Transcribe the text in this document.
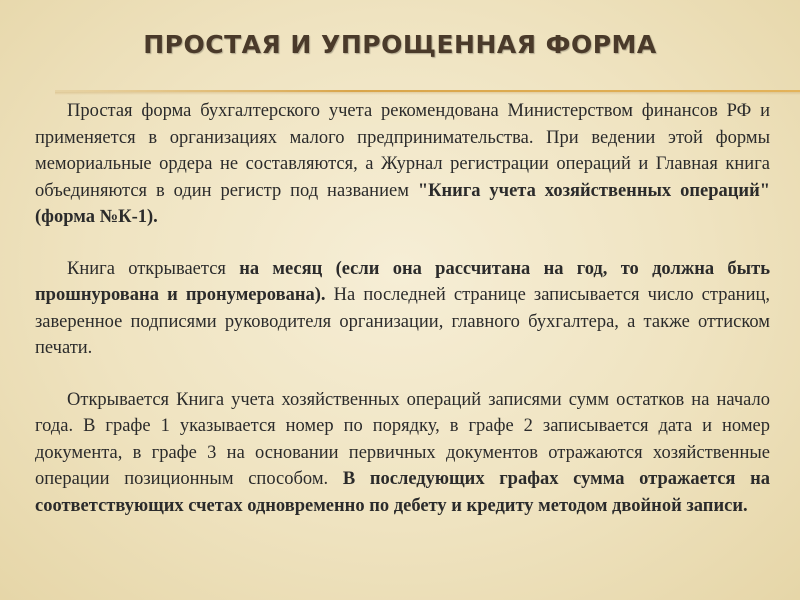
ПРОСТАЯ И УПРОЩЕННАЯ ФОРМА

Простая форма бухгалтерского учета рекомендована Министерством финансов РФ и применяется в организациях малого предпринимательства. При ведении этой формы мемориальные ордера не составляются, а Журнал регистрации операций и Главная книга объединяются в один регистр под названием "Книга учета хозяйственных операций" (форма №К-1).

Книга открывается на месяц (если она рассчитана на год, то должна быть прошнурована и пронумерована). На последней странице записывается число страниц, заверенное подписями руководителя организации, главного бухгалтера, а также оттиском печати.

Открывается Книга учета хозяйственных операций записями сумм остатков на начало года. В графе 1 указывается номер по порядку, в графе 2 записывается дата и номер документа, в графе 3 на основании первичных документов отражаются хозяйственные операции позиционным способом. В последующих графах сумма отражается на соответствующих счетах одновременно по дебету и кредиту методом двойной записи.
